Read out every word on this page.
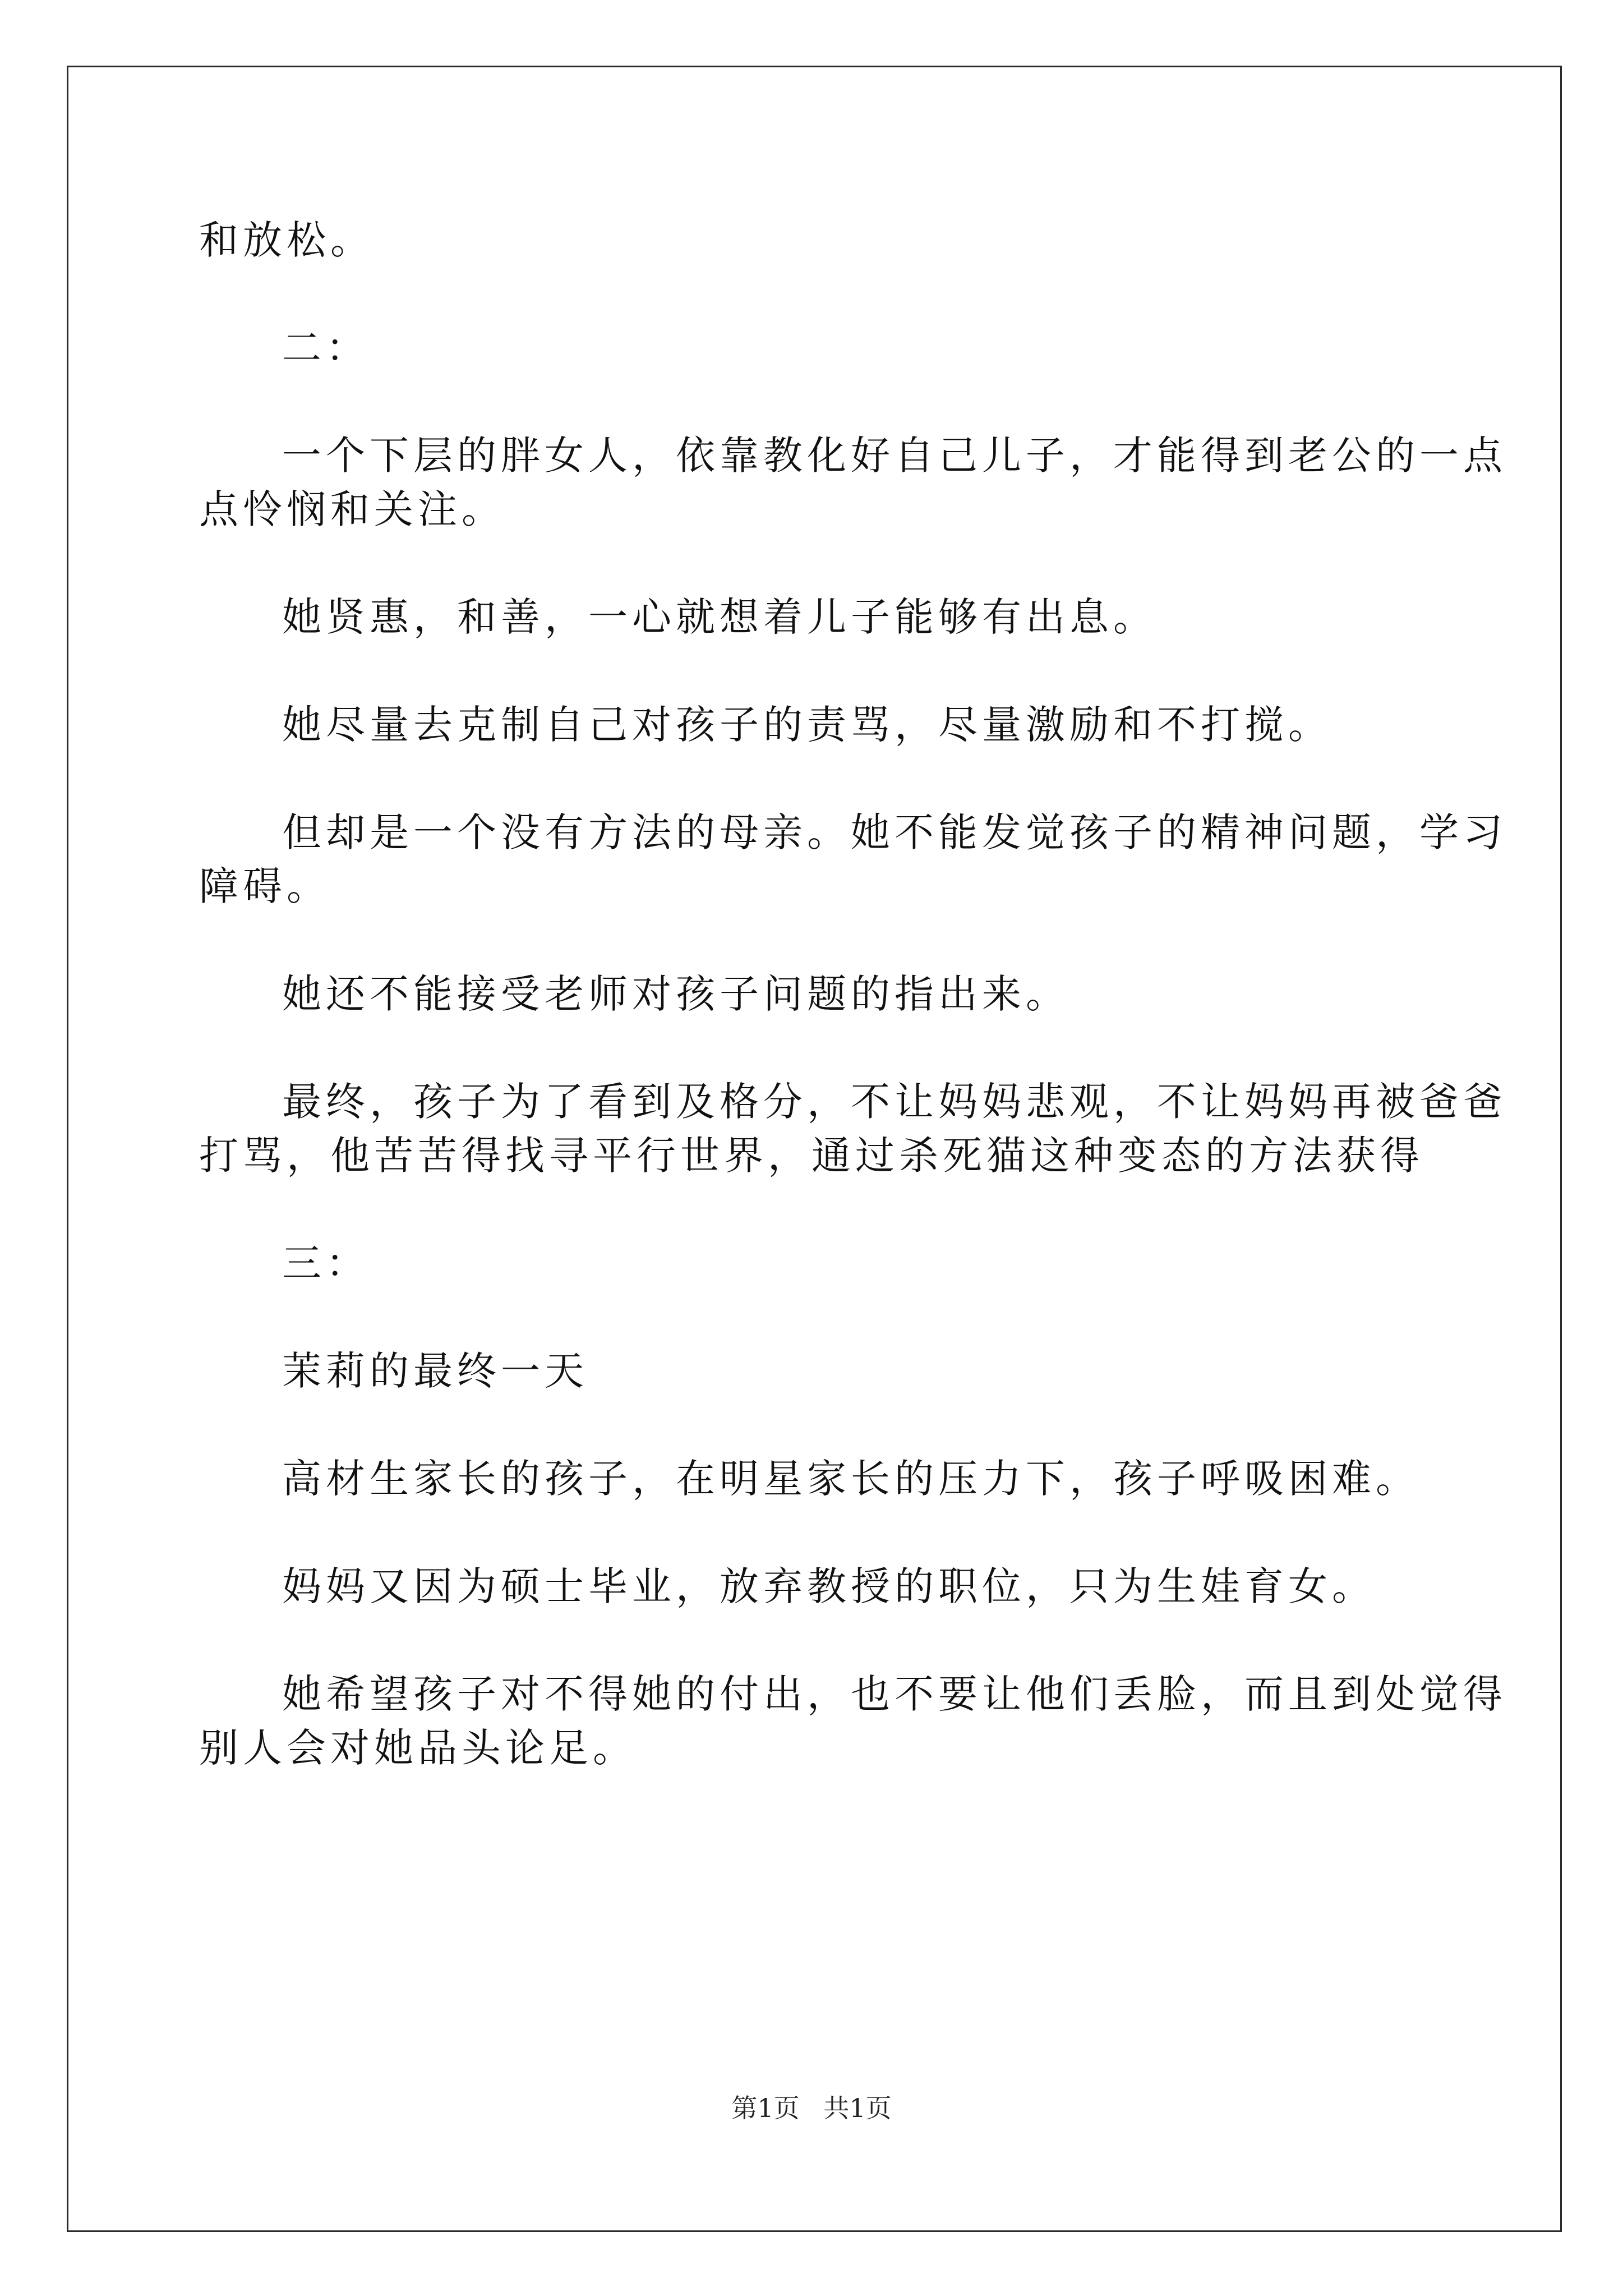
和放松。

二：

一个下层的胖女人，依靠教化好自己儿子，才能得到老公的一点

点怜悯和关注。

她贤惠，和善，一心就想着儿子能够有出息。

她尽量去克制自己对孩子的责骂，尽量激励和不打搅。

但却是一个没有方法的母亲。她不能发觉孩子的精神问题，学习

障碍。

她还不能接受老师对孩子问题的指出来。

最终，孩子为了看到及格分，不让妈妈悲观，不让妈妈再被爸爸

打骂，他苦苦得找寻平行世界，通过杀死猫这种变态的方法获得

三：

茉莉的最终一天

高材生家长的孩子，在明星家长的压力下，孩子呼吸困难。

妈妈又因为硕士毕业，放弃教授的职位，只为生娃育女。

她希望孩子对不得她的付出，也不要让他们丢脸，而且到处觉得

别人会对她品头论足。

第1页 共1页
